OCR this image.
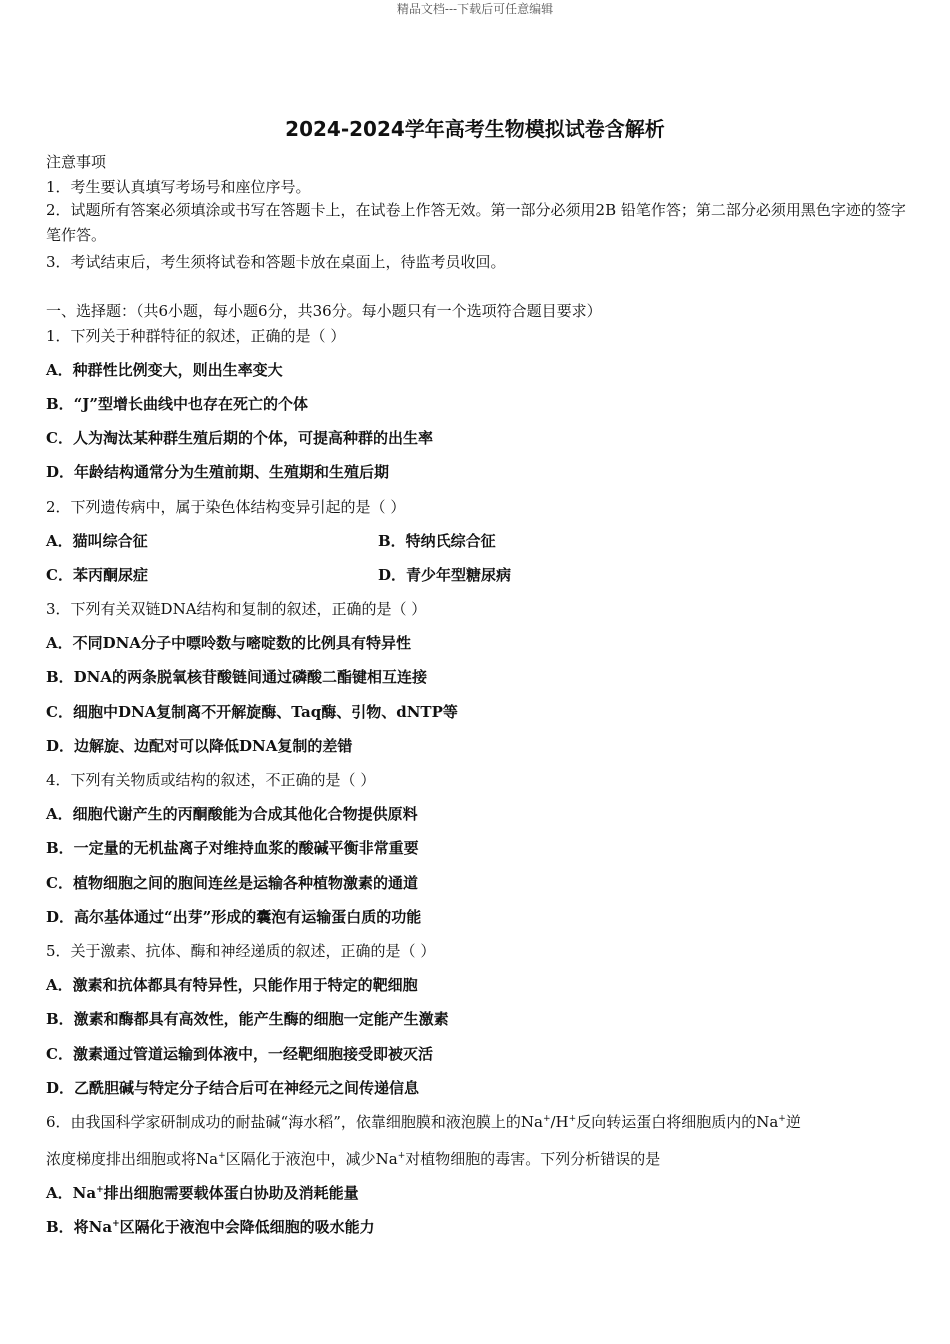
精品文档---下载后可任意编辑
2024-2024学年高考生物模拟试卷含解析
注意事项
1．考生要认真填写考场号和座位序号。
2．试题所有答案必须填涂或书写在答题卡上，在试卷上作答无效。第一部分必须用2B 铅笔作答；第二部分必须用黑色字迹的签字笔作答。
3．考试结束后，考生须将试卷和答题卡放在桌面上，待监考员收回。
一、选择题：（共6小题，每小题6分，共36分。每小题只有一个选项符合题目要求）
1．下列关于种群特征的叙述，正确的是（ ）
A．种群性比例变大，则出生率变大
B．“J”型增长曲线中也存在死亡的个体
C．人为淘汰某种群生殖后期的个体，可提高种群的出生率
D．年龄结构通常分为生殖前期、生殖期和生殖后期
2．下列遗传病中，属于染色体结构变异引起的是（ ）
A．猫叫综合征	B．特纳氏综合征
C．苯丙酮尿症	D．青少年型糖尿病
3．下列有关双链DNA结构和复制的叙述，正确的是（ ）
A．不同DNA分子中嘌呤数与嘧啶数的比例具有特异性
B．DNA的两条脱氧核苷酸链间通过磷酸二酯键相互连接
C．细胞中DNA复制离不开解旋酶、Taq酶、引物、dNTP等
D．边解旋、边配对可以降低DNA复制的差错
4．下列有关物质或结构的叙述，不正确的是（ ）
A．细胞代谢产生的丙酮酸能为合成其他化合物提供原料
B．一定量的无机盐离子对维持血浆的酸碱平衡非常重要
C．植物细胞之间的胞间连丝是运输各种植物激素的通道
D．高尔基体通过“出芽”形成的囊泡有运输蛋白质的功能
5．关于激素、抗体、酶和神经递质的叙述，正确的是（ ）
A．激素和抗体都具有特异性，只能作用于特定的靶细胞
B．激素和酶都具有高效性，能产生酶的细胞一定能产生激素
C．激素通过管道运输到体液中，一经靶细胞接受即被灭活
D．乙酰胆碱与特定分子结合后可在神经元之间传递信息
6．由我国科学家研制成功的耐盐碱“海水稻”，依靠细胞膜和液泡膜上的Na+/H+反向转运蛋白将细胞质内的Na+逆
浓度梯度排出细胞或将Na+区隔化于液泡中，减少Na+对植物细胞的毒害。下列分析错误的是
A．Na+排出细胞需要载体蛋白协助及消耗能量
B．将Na+区隔化于液泡中会降低细胞的吸水能力
